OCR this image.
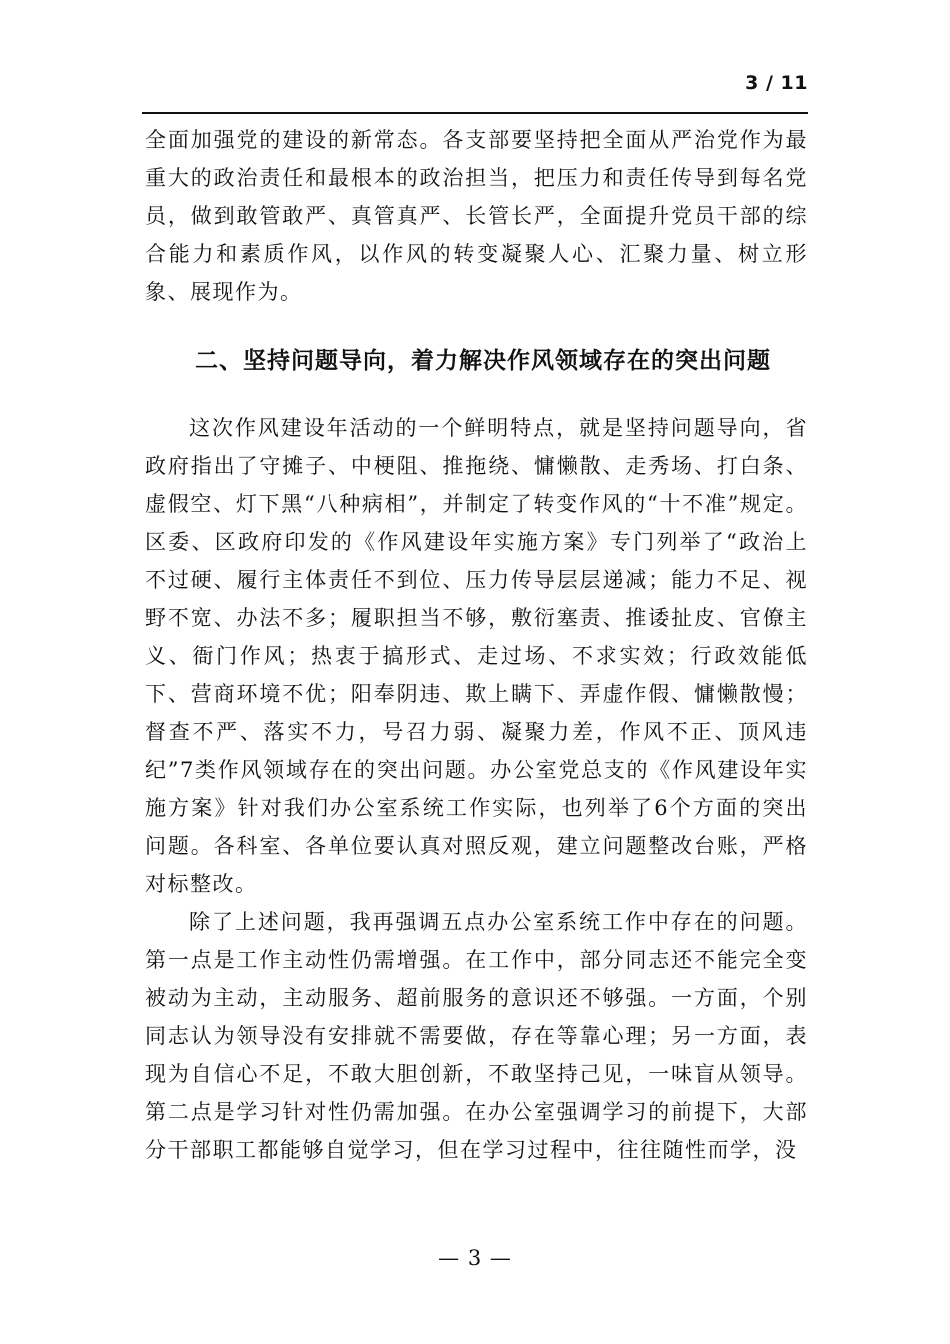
3 / 11

全面加强党的建设的新常态。各支部要坚持把全面从严治党作为最重大的政治责任和最根本的政治担当，把压力和责任传导到每名党员，做到敢管敢严、真管真严、长管长严，全面提升党员干部的综合能力和素质作风，以作风的转变凝聚人心、汇聚力量、树立形象、展现作为。

二、坚持问题导向，着力解决作风领域存在的突出问题

这次作风建设年活动的一个鲜明特点，就是坚持问题导向，省政府指出了守摊子、中梗阻、推拖绕、慵懒散、走秀场、打白条、虚假空、灯下黑“八种病相”，并制定了转变作风的“十不准”规定。区委、区政府印发的《作风建设年实施方案》专门列举了“政治上不过硬、履行主体责任不到位、压力传导层层递减；能力不足、视野不宽、办法不多；履职担当不够，敷衍塞责、推诿扯皮、官僚主义、衙门作风；热衷于搞形式、走过场、不求实效；行政效能低下、营商环境不优；阳奉阴违、欺上瞒下、弄虚作假、慵懒散慢；督查不严、落实不力，号召力弱、凝聚力差，作风不正、顶风违纪”7类作风领域存在的突出问题。办公室党总支的《作风建设年实施方案》针对我们办公室系统工作实际，也列举了6个方面的突出问题。各科室、各单位要认真对照反观，建立问题整改台账，严格对标整改。

除了上述问题，我再强调五点办公室系统工作中存在的问题。第一点是工作主动性仍需增强。在工作中，部分同志还不能完全变被动为主动，主动服务、超前服务的意识还不够强。一方面，个别同志认为领导没有安排就不需要做，存在等靠心理；另一方面，表现为自信心不足，不敢大胆创新，不敢坚持己见，一味盲从领导。第二点是学习针对性仍需加强。在办公室强调学习的前提下，大部分干部职工都能够自觉学习，但在学习过程中，往往随性而学，没

— 3 —
